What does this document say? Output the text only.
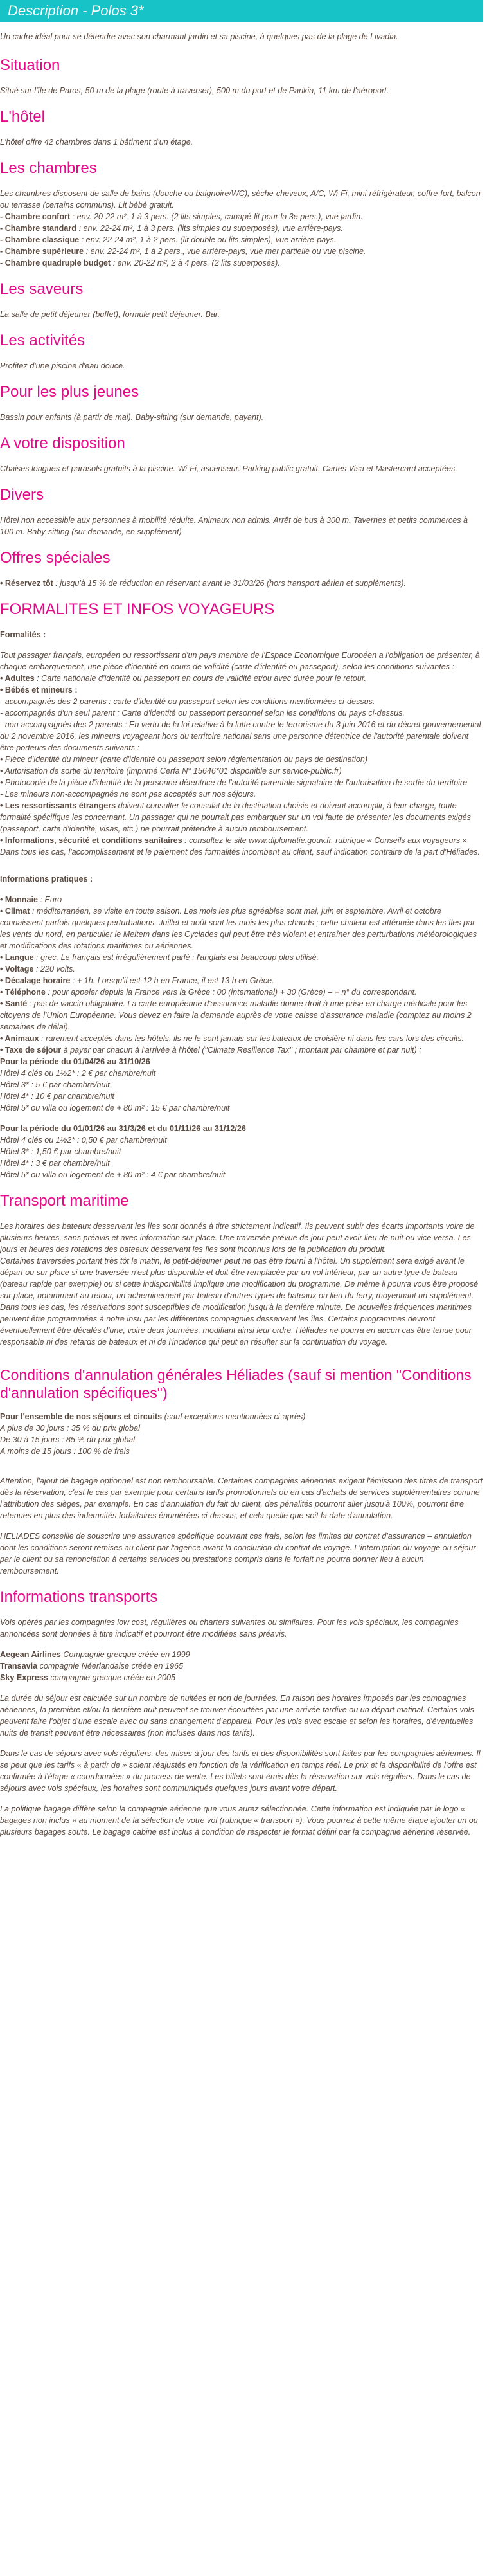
Description - Polos 3*

Un cadre idéal pour se détendre avec son charmant jardin et sa piscine, à quelques pas de la plage de Livadia.

Situation

Situé sur l'île de Paros, 50 m de la plage (route à traverser), 500 m du port et de Parikia, 11 km de l'aéroport.

L'hôtel

L'hôtel offre 42 chambres dans 1 bâtiment d'un étage.

Les chambres

Les chambres disposent de salle de bains (douche ou baignoire/WC), sèche-cheveux, A/C, Wi-Fi, mini-réfrigérateur, coffre-fort, balcon ou terrasse (certains communs). Lit bébé gratuit.

- Chambre confort : env. 20-22 m², 1 à 3 pers. (2 lits simples, canapé-lit pour la 3e pers.), vue jardin.

- Chambre standard : env. 22-24 m², 1 à 3 pers. (lits simples ou superposés), vue arrière-pays.

- Chambre classique : env. 22-24 m², 1 à 2 pers. (lit double ou lits simples), vue arrière-pays.

- Chambre supérieure : env. 22-24 m², 1 à 2 pers., vue arrière-pays, vue mer partielle ou vue piscine.

- Chambre quadruple budget : env. 20-22 m², 2 à 4 pers. (2 lits superposés).

Les saveurs

La salle de petit déjeuner (buffet), formule petit déjeuner. Bar.

Les activités

Profitez d'une piscine d'eau douce.

Pour les plus jeunes

Bassin pour enfants (à partir de mai). Baby-sitting (sur demande, payant).

A votre disposition

Chaises longues et parasols gratuits à la piscine. Wi-Fi, ascenseur. Parking public gratuit. Cartes Visa et Mastercard acceptées.

Divers

Hôtel non accessible aux personnes à mobilité réduite. Animaux non admis. Arrêt de bus à 300 m. Tavernes et petits commerces à 100 m. Baby-sitting (sur demande, en supplément)

Offres spéciales

• Réservez tôt : jusqu'à 15 % de réduction en réservant avant le 31/03/26 (hors transport aérien et suppléments).

FORMALITES ET INFOS VOYAGEURS

Formalités :

Tout passager français, européen ou ressortissant d'un pays membre de l'Espace Economique Européen a l'obligation de présenter, à chaque embarquement, une pièce d'identité en cours de validité (carte d'identité ou passeport), selon les conditions suivantes :

• Adultes : Carte nationale d'identité ou passeport en cours de validité et/ou avec durée pour le retour.

• Bébés et mineurs :

- accompagnés des 2 parents : carte d'identité ou passeport selon les conditions mentionnées ci-dessus.

- accompagnés d'un seul parent : Carte d'identité ou passeport personnel selon les conditions du pays ci-dessus.

- non accompagnés des 2 parents : En vertu de la loi relative à la lutte contre le terrorisme du 3 juin 2016 et du décret gouvernemental du 2 novembre 2016, les mineurs voyageant hors du territoire national sans une personne détentrice de l'autorité parentale doivent être porteurs des documents suivants :

• Pièce d'identité du mineur (carte d'identité ou passeport selon réglementation du pays de destination)

• Autorisation de sortie du territoire (imprimé Cerfa N° 15646*01 disponible sur service-public.fr)

• Photocopie de la pièce d'identité de la personne détentrice de l'autorité parentale signataire de l'autorisation de sortie du territoire

- Les mineurs non-accompagnés ne sont pas acceptés sur nos séjours.

• Les ressortissants étrangers doivent consulter le consulat de la destination choisie et doivent accomplir, à leur charge, toute formalité spécifique les concernant. Un passager qui ne pourrait pas embarquer sur un vol faute de présenter les documents exigés (passeport, carte d'identité, visas, etc.) ne pourrait prétendre à aucun remboursement.

• Informations, sécurité et conditions sanitaires : consultez le site www.diplomatie.gouv.fr, rubrique « Conseils aux voyageurs »

Dans tous les cas, l'accomplissement et le paiement des formalités incombent au client, sauf indication contraire de la part d'Héliades.

Informations pratiques :

• Monnaie : Euro

• Climat : méditerranéen, se visite en toute saison. Les mois les plus agréables sont mai, juin et septembre. Avril et octobre connaissent parfois quelques perturbations. Juillet et août sont les mois les plus chauds ; cette chaleur est atténuée dans les îles par les vents du nord, en particulier le Meltem dans les Cyclades qui peut être très violent et entraîner des perturbations météorologiques et modifications des rotations maritimes ou aériennes.

• Langue : grec. Le français est irrégulièrement parlé ; l'anglais est beaucoup plus utilisé.

• Voltage : 220 volts.

• Décalage horaire : + 1h. Lorsqu'il est 12 h en France, il est 13 h en Grèce.

• Téléphone : pour appeler depuis la France vers la Grèce : 00 (international) + 30 (Grèce) – + n° du correspondant.

• Santé : pas de vaccin obligatoire. La carte européenne d'assurance maladie donne droit à une prise en charge médicale pour les citoyens de l'Union Européenne. Vous devez en faire la demande auprès de votre caisse d'assurance maladie (comptez au moins 2 semaines de délai).

• Animaux : rarement acceptés dans les hôtels, ils ne le sont jamais sur les bateaux de croisière ni dans les cars lors des circuits.

• Taxe de séjour à payer par chacun à l'arrivée à l'hôtel ("Climate Resilience Tax" ; montant par chambre et par nuit) :

Pour la période du 01/04/26 au 31/10/26

Hôtel 4 clés ou 1½2* : 2 € par chambre/nuit

Hôtel 3* : 5 € par chambre/nuit

Hôtel 4* : 10 € par chambre/nuit

Hôtel 5* ou villa ou logement de + 80 m² : 15 € par chambre/nuit

Pour la période du 01/01/26 au 31/3/26 et du 01/11/26 au 31/12/26

Hôtel 4 clés ou 1½2* : 0,50 € par chambre/nuit

Hôtel 3* : 1,50 € par chambre/nuit

Hôtel 4* : 3 € par chambre/nuit

Hôtel 5* ou villa ou logement de + 80 m² : 4 € par chambre/nuit

Transport maritime

Les horaires des bateaux desservant les îles sont donnés à titre strictement indicatif. Ils peuvent subir des écarts importants voire de plusieurs heures, sans préavis et avec information sur place. Une traversée prévue de jour peut avoir lieu de nuit ou vice versa. Les jours et heures des rotations des bateaux desservant les îles sont inconnus lors de la publication du produit.

Certaines traversées portant très tôt le matin, le petit-déjeuner peut ne pas être fourni à l'hôtel. Un supplément sera exigé avant le départ ou sur place si une traversée n'est plus disponible et doit-être remplacée par un vol intérieur, par un autre type de bateau (bateau rapide par exemple) ou si cette indisponibilité implique une modification du programme. De même il pourra vous être proposé sur place, notamment au retour, un acheminement par bateau d'autres types de bateaux ou lieu du ferry, moyennant un supplément.

Dans tous les cas, les réservations sont susceptibles de modification jusqu'à la dernière minute. De nouvelles fréquences maritimes peuvent être programmées à notre insu par les différentes compagnies desservant les îles. Certains programmes devront éventuellement être décalés d'une, voire deux journées, modifiant ainsi leur ordre. Héliades ne pourra en aucun cas être tenue pour responsable ni des retards de bateaux et ni de l'incidence qui peut en résulter sur la continuation du voyage.

Conditions d'annulation générales Héliades (sauf si mention "Conditions d'annulation spécifiques")

Pour l'ensemble de nos séjours et circuits (sauf exceptions mentionnées ci-après)

A plus de 30 jours : 35 % du prix global

De 30 à 15 jours : 85 % du prix global

A moins de 15 jours : 100 % de frais

Attention, l'ajout de bagage optionnel est non remboursable. Certaines compagnies aériennes exigent l'émission des titres de transport dès la réservation, c'est le cas par exemple pour certains tarifs promotionnels ou en cas d'achats de services supplémentaires comme l'attribution des sièges, par exemple. En cas d'annulation du fait du client, des pénalités pourront aller jusqu'à 100%, pourront être retenues en plus des indemnités forfaitaires énumérées ci-dessus, et cela quelle que soit la date d'annulation.

HELIADES conseille de souscrire une assurance spécifique couvrant ces frais, selon les limites du contrat d'assurance – annulation dont les conditions seront remises au client par l'agence avant la conclusion du contrat de voyage. L'interruption du voyage ou séjour par le client ou sa renonciation à certains services ou prestations compris dans le forfait ne pourra donner lieu à aucun remboursement.

Informations transports

Vols opérés par les compagnies low cost, régulières ou charters suivantes ou similaires. Pour les vols spéciaux, les compagnies annoncées sont données à titre indicatif et pourront être modifiées sans préavis.

Aegean Airlines Compagnie grecque créée en 1999

Transavia compagnie Néerlandaise créée en 1965

Sky Express compagnie grecque créée en 2005

La durée du séjour est calculée sur un nombre de nuitées et non de journées. En raison des horaires imposés par les compagnies aériennes, la première et/ou la dernière nuit peuvent se trouver écourtées par une arrivée tardive ou un départ matinal. Certains vols peuvent faire l'objet d'une escale avec ou sans changement d'appareil. Pour les vols avec escale et selon les horaires, d'éventuelles nuits de transit peuvent être nécessaires (non incluses dans nos tarifs).

Dans le cas de séjours avec vols réguliers, des mises à jour des tarifs et des disponibilités sont faites par les compagnies aériennes. Il se peut que les tarifs « à partir de » soient réajustés en fonction de la vérification en temps réel. Le prix et la disponibilité de l'offre est confirmée à l'étape « coordonnées » du process de vente. Les billets sont émis dès la réservation sur vols réguliers. Dans le cas de séjours avec vols spéciaux, les horaires sont communiqués quelques jours avant votre départ.

La politique bagage diffère selon la compagnie aérienne que vous aurez sélectionnée. Cette information est indiquée par le logo « bagages non inclus » au moment de la sélection de votre vol (rubrique « transport »). Vous pourrez à cette même étape ajouter un ou plusieurs bagages soute. Le bagage cabine est inclus à condition de respecter le format défini par la compagnie aérienne réservée.
